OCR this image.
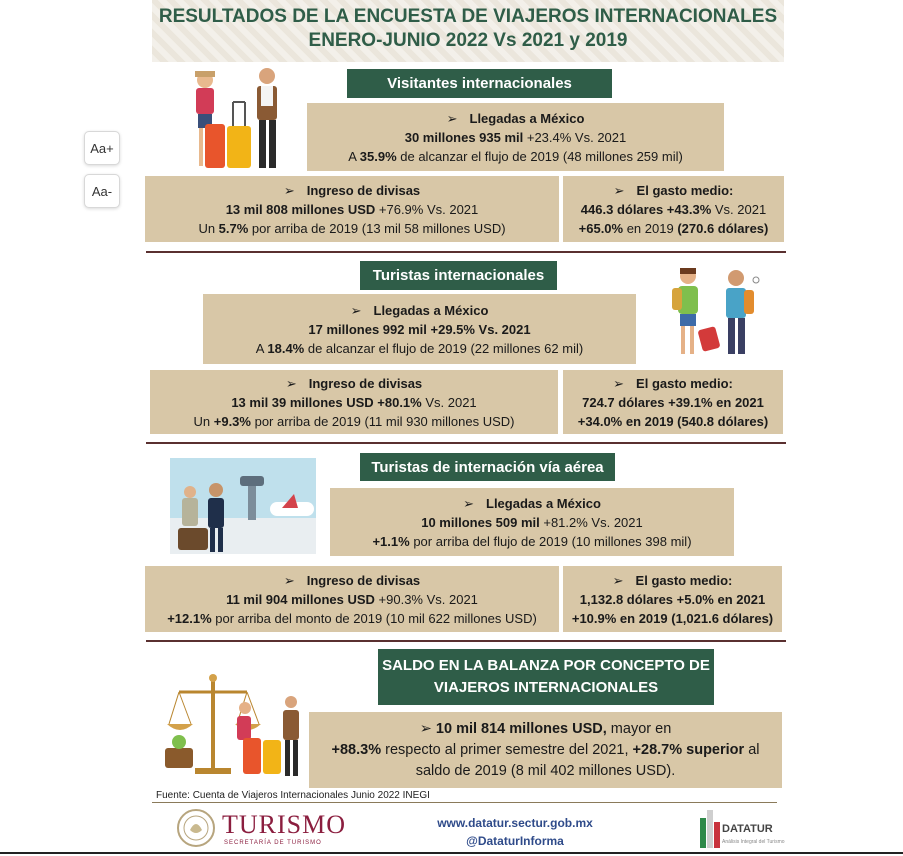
RESULTADOS DE LA ENCUESTA DE VIAJEROS INTERNACIONALES
ENERO-JUNIO 2022 Vs 2021 y 2019
Aa+
Aa-
Visitantes internacionales
➢ Llegadas a México
30 millones 935 mil +23.4% Vs. 2021
A 35.9% de alcanzar el flujo de 2019 (48 millones 259 mil)
➢ Ingreso de divisas
13 mil 808 millones USD +76.9% Vs. 2021
Un 5.7% por arriba de 2019 (13 mil 58 millones USD)
➢ El gasto medio:
446.3 dólares +43.3% Vs. 2021
+65.0% en 2019 (270.6 dólares)
Turistas internacionales
➢ Llegadas a México
17 millones 992 mil +29.5% Vs. 2021
A 18.4% de alcanzar el flujo de 2019 (22 millones 62 mil)
➢ Ingreso de divisas
13 mil 39 millones USD +80.1% Vs. 2021
Un +9.3% por arriba de 2019 (11 mil 930 millones USD)
➢ El gasto medio:
724.7 dólares +39.1% en 2021
+34.0% en 2019 (540.8 dólares)
Turistas de internación vía aérea
➢ Llegadas a México
10 millones 509 mil +81.2% Vs. 2021
+1.1% por arriba del flujo de 2019 (10 millones 398 mil)
➢ Ingreso de divisas
11 mil 904 millones USD +90.3% Vs. 2021
+12.1% por arriba del monto de 2019 (10 mil 622 millones USD)
➢ El gasto medio:
1,132.8 dólares +5.0% en 2021
+10.9% en 2019 (1,021.6 dólares)
SALDO EN LA BALANZA POR CONCEPTO DE
VIAJEROS INTERNACIONALES
➢ 10 mil 814 millones USD, mayor en
+88.3% respecto al primer semestre del 2021, +28.7% superior al
saldo de 2019 (8 mil 402 millones USD).
Fuente: Cuenta de Viajeros Internacionales Junio 2022 INEGI
TURISMO
SECRETARÍA DE TURISMO
www.datatur.sectur.gob.mx
@DataturInforma
DATATUR
Análisis Integral del Turismo
